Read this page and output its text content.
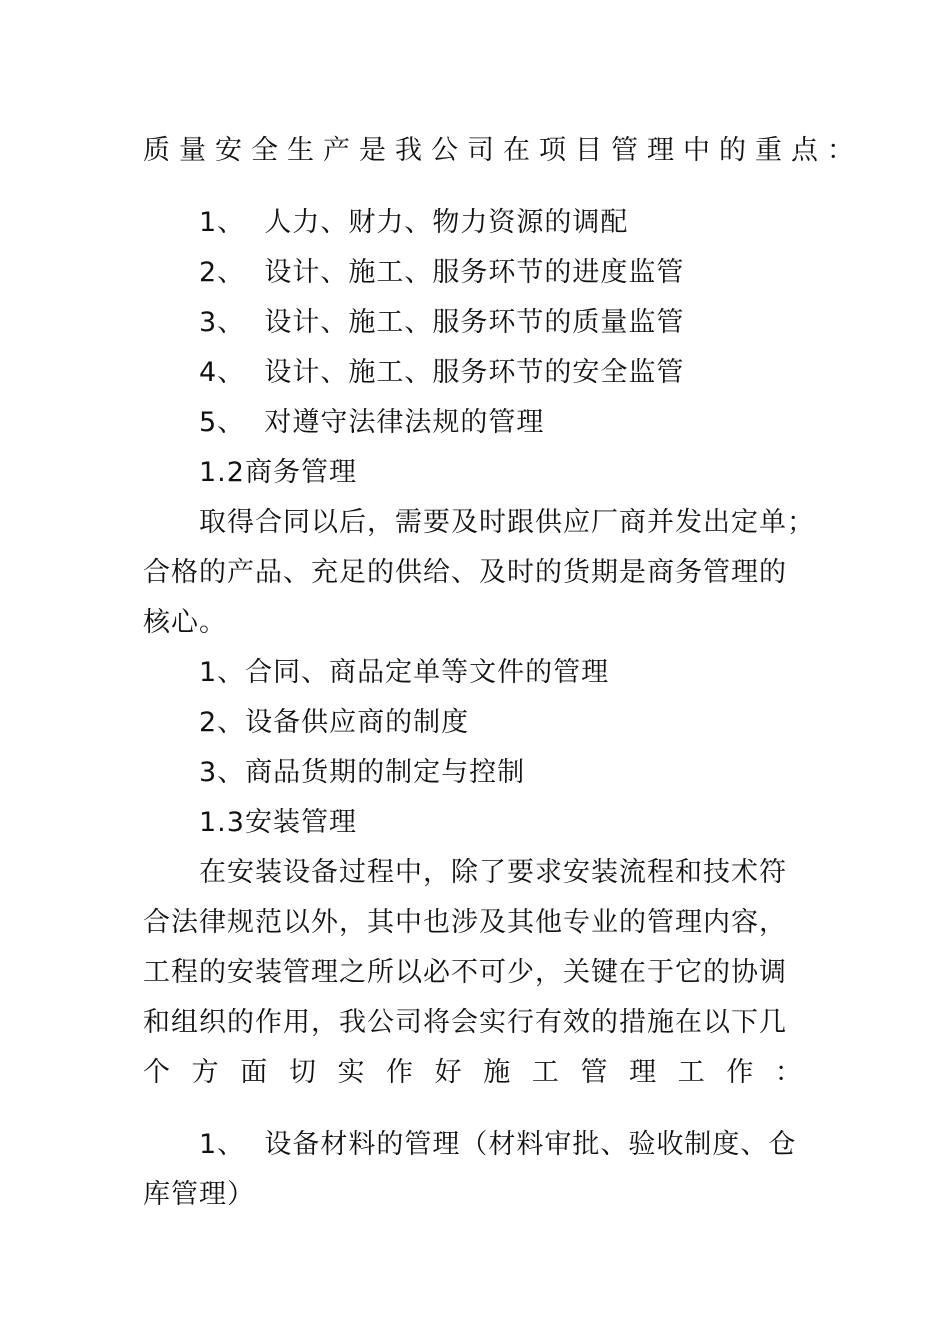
质量安全生产是我公司在项目管理中的重点：

1、 人力、财力、物力资源的调配
2、 设计、施工、服务环节的进度监管
3、 设计、施工、服务环节的质量监管
4、 设计、施工、服务环节的安全监管
5、 对遵守法律法规的管理
1.2商务管理
取得合同以后，需要及时跟供应厂商并发出定单；
合格的产品、充足的供给、及时的货期是商务管理的
核心。
1、合同、商品定单等文件的管理
2、设备供应商的制度
3、商品货期的制定与控制
1.3安装管理
在安装设备过程中，除了要求安装流程和技术符
合法律规范以外，其中也涉及其他专业的管理内容，
工程的安装管理之所以必不可少，关键在于它的协调
和组织的作用，我公司将会实行有效的措施在以下几
个 方 面 切 实 作 好 施 工 管 理 工 作 ：

1、 设备材料的管理（材料审批、验收制度、仓
库管理）
